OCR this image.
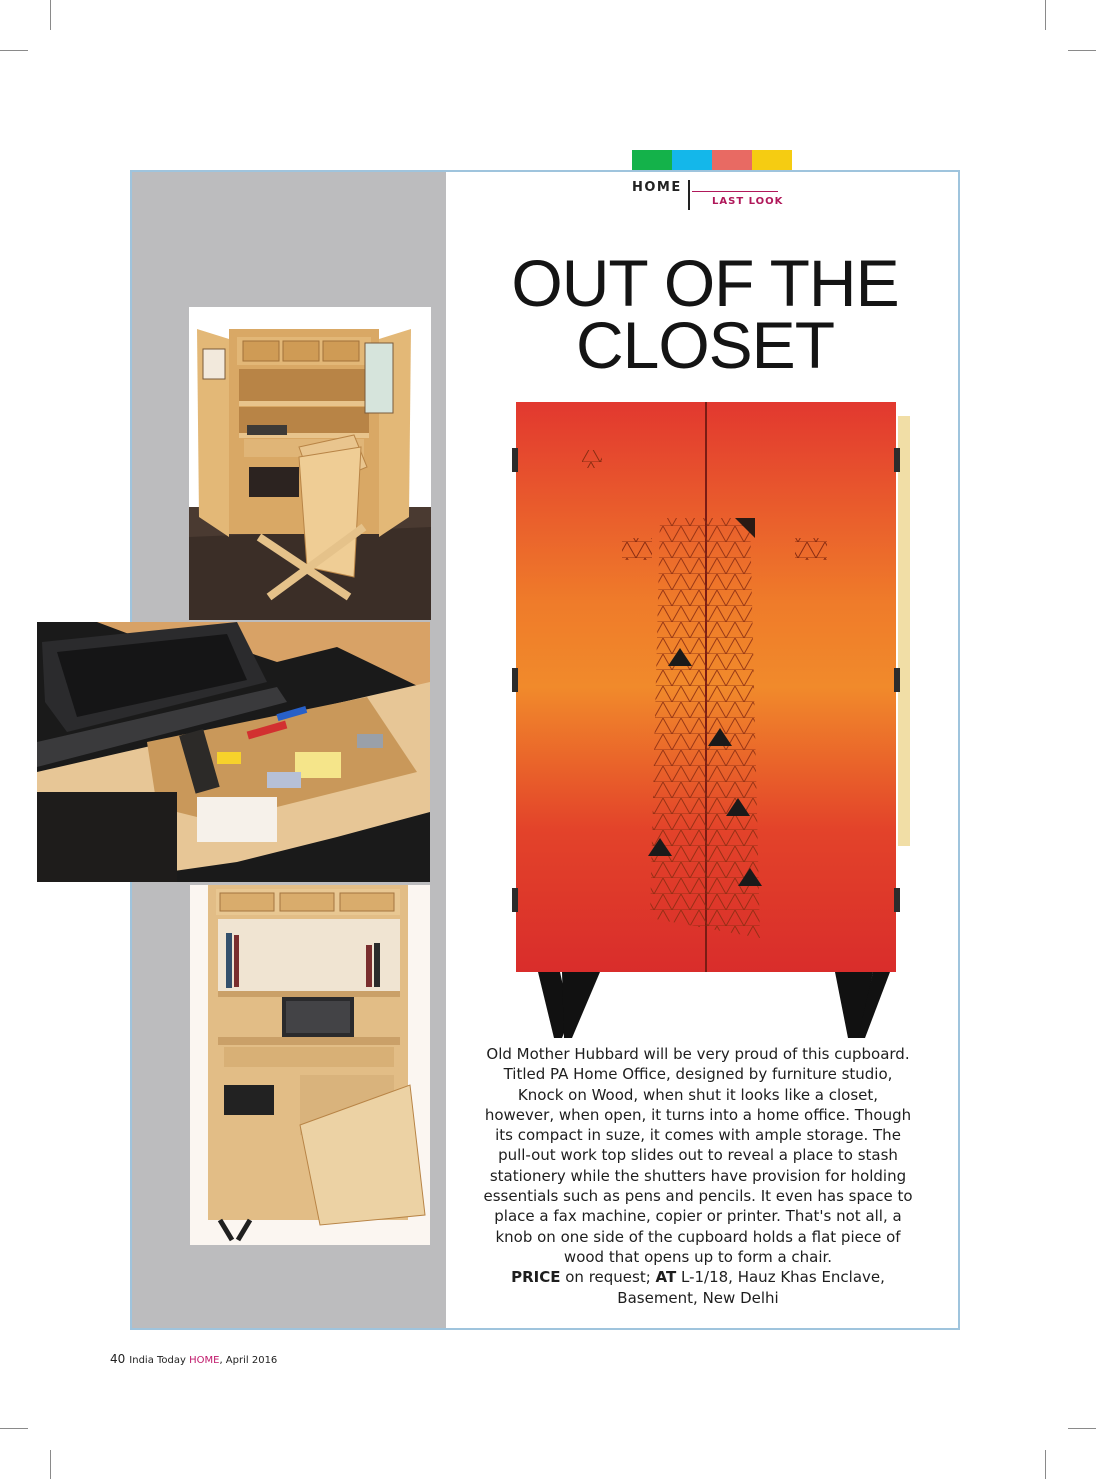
HOME
LAST LOOK
OUT OF THE
CLOSET
Old Mother Hubbard will be very proud of this cupboard.
Titled PA Home Office, designed by furniture studio,
Knock on Wood, when shut it looks like a closet,
however, when open, it turns into a home office. Though
its compact in suze, it comes with ample storage. The
pull-out work top slides out to reveal a place to stash
stationery while the shutters have provision for holding
essentials such as pens and pencils. It even has space to
place a fax machine, copier or printer. That's not all, a
knob on one side of the cupboard holds a flat piece of
wood that opens up to form a chair.
PRICE on request; AT L-1/18, Hauz Khas Enclave,
Basement, New Delhi
40 India Today HOME, April 2016
